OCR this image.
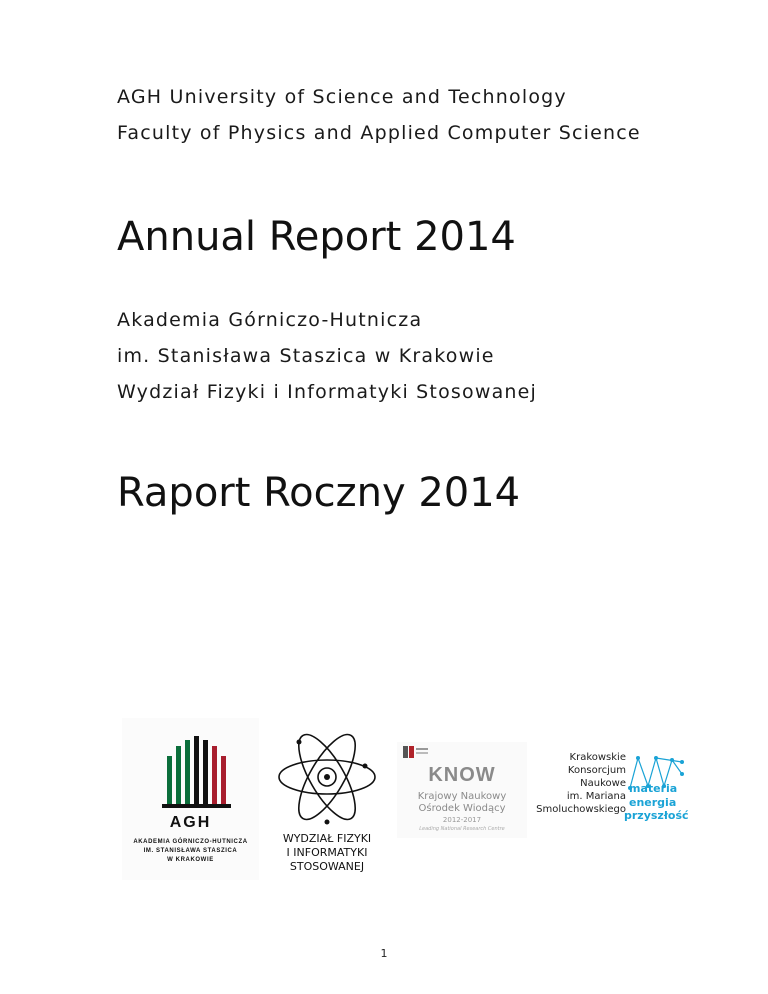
AGH University of Science and Technology
Faculty of Physics and Applied Computer Science
Annual Report 2014
Akademia Górniczo-Hutnicza
im. Stanisława Staszica w Krakowie
Wydział Fizyki i Informatyki Stosowanej
Raport Roczny 2014
AGH
AKADEMIA GÓRNICZO-HUTNICZA
IM. STANISŁAWA STASZICA
W KRAKOWIE
WYDZIAŁ FIZYKI
I INFORMATYKI
STOSOWANEJ
KNOW
Krajowy Naukowy
Ośrodek Wiodący
2012-2017
Leading National Research Centre
Krakowskie
Konsorcjum
Naukowe
im. Mariana
Smoluchowskiego
materia
energia
przyszłość
1
